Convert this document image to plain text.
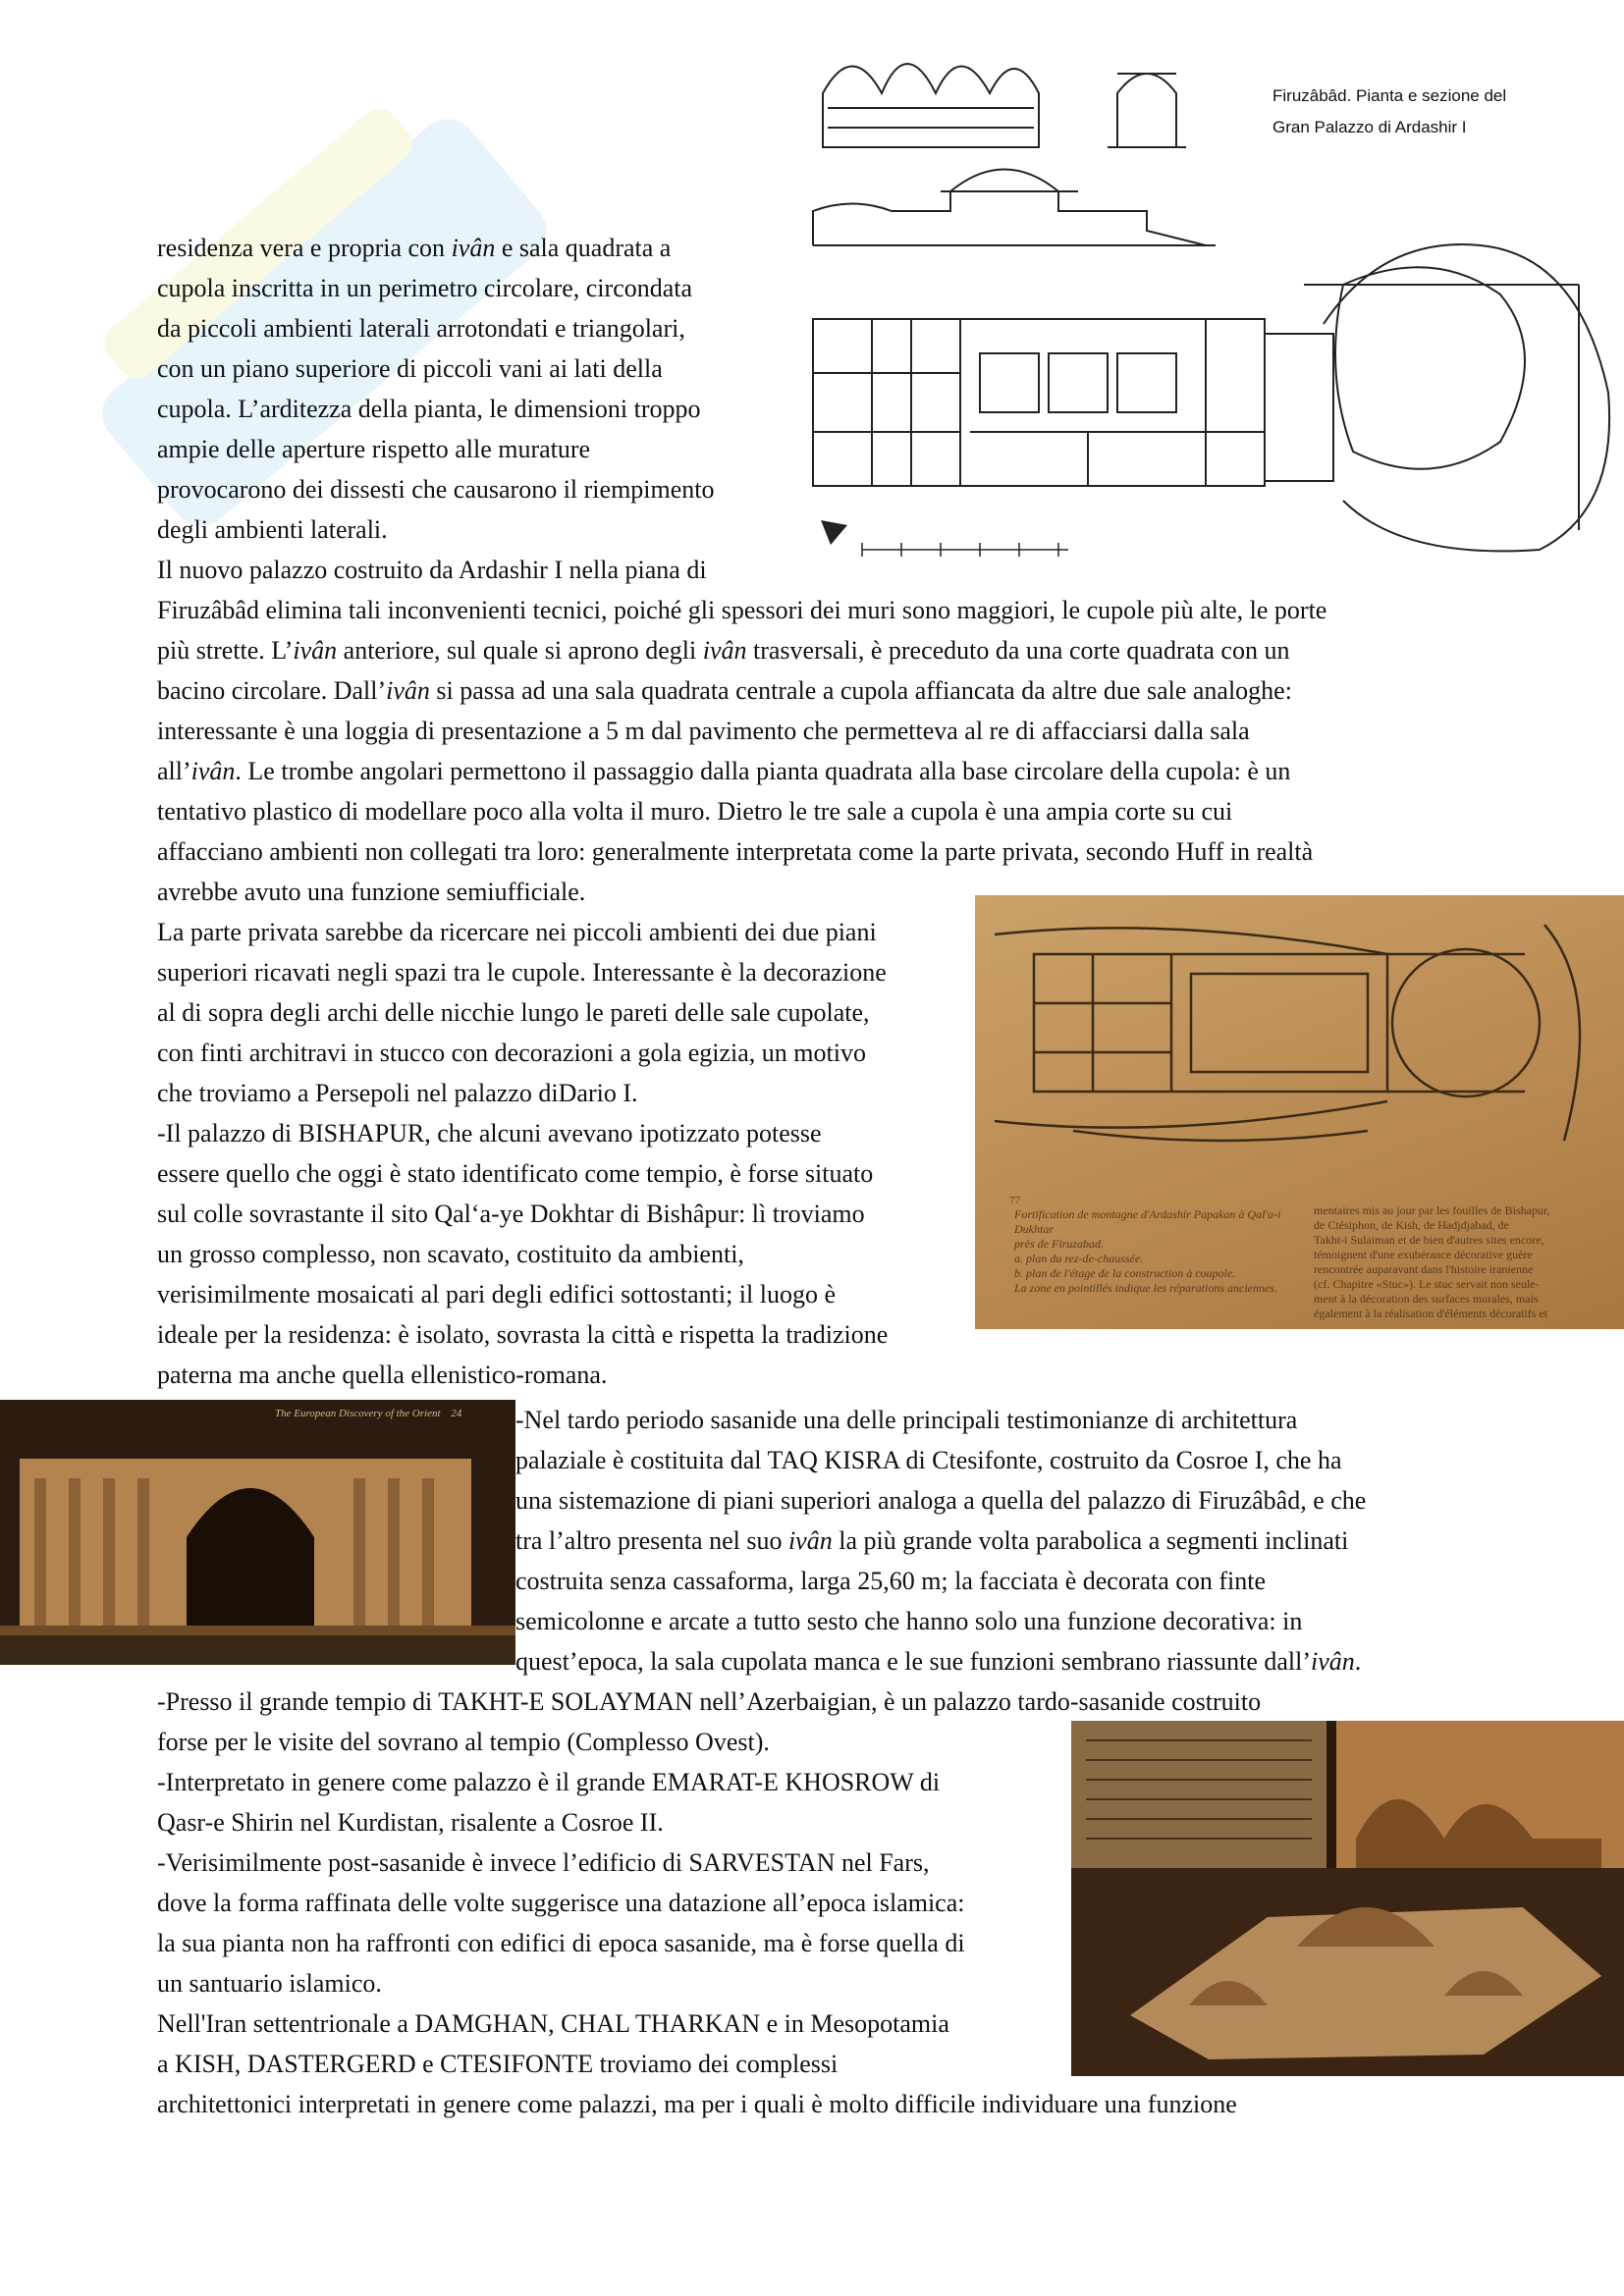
Firuzâbâd. Pianta e sezione del
Gran Palazzo di Ardashir I
residenza vera e propria con ivân e sala quadrata a
cupola inscritta in un perimetro circolare, circondata
da piccoli ambienti laterali arrotondati e triangolari,
con un piano superiore di piccoli vani ai lati della
cupola. L’arditezza della pianta, le dimensioni troppo
ampie delle aperture rispetto alle murature
provocarono dei dissesti che causarono il riempimento
degli ambienti laterali.
Il nuovo palazzo costruito da Ardashir I nella piana di
Firuzâbâd elimina tali inconvenienti tecnici, poiché gli spessori dei muri sono maggiori, le cupole più alte, le porte
più strette. L’ivân anteriore, sul quale si aprono degli ivân trasversali, è preceduto da una corte quadrata con un
bacino circolare. Dall’ivân si passa ad una sala quadrata centrale a cupola affiancata da altre due sale analoghe:
interessante è una loggia di presentazione a 5 m dal pavimento che permetteva al re di affacciarsi dalla sala
all’ivân. Le trombe angolari permettono il passaggio dalla pianta quadrata alla base circolare della cupola: è un
tentativo plastico di modellare poco alla volta il muro. Dietro le tre sale a cupola è una ampia corte su cui
affacciano ambienti non collegati tra loro: generalmente interpretata come la parte privata, secondo Huff in realtà
avrebbe avuto una funzione semiufficiale.
77
Fortification de montagne d'Ardashir Papakan à Qal'a-i Dukhtar
près de Firuzabad.
a. plan du rez-de-chaussée.
b. plan de l'étage de la construction à coupole.
La zone en pointillés indique les réparations anciennes.
mentaires mis au jour par les fouilles de Bishapur,
de Ctésiphon, de Kish, de Hadjdjabad, de
Takht-i Sulaiman et de bien d'autres sites encore,
témoignent d'une exubérance décorative guère
rencontrée auparavant dans l'histoire iranienne
(cf. Chapitre «Stuc»). Le stuc servait non seule-
ment à la décoration des surfaces murales, mais
également à la réalisation d'éléments décoratifs et
La parte privata sarebbe da ricercare nei piccoli ambienti dei due piani
superiori ricavati negli spazi tra le cupole. Interessante è la decorazione
al di sopra degli archi delle nicchie lungo le pareti delle sale cupolate,
con finti architravi in stucco con decorazioni a gola egizia, un motivo
che troviamo a Persepoli nel palazzo diDario I.
-Il palazzo di BISHAPUR, che alcuni avevano ipotizzato potesse
essere quello che oggi è stato identificato come tempio, è forse situato
sul colle sovrastante il sito Qal‘a-ye Dokhtar di Bishâpur: lì troviamo
un grosso complesso, non scavato, costituito da ambienti,
verisimilmente mosaicati al pari degli edifici sottostanti; il luogo è
ideale per la residenza: è isolato, sovrasta la città e rispetta la tradizione
paterna ma anche quella ellenistico-romana.
The European Discovery of the Orient 24 -Nel tardo periodo sasanide una delle principali testimonianze di architettura
palaziale è costituita dal TAQ KISRA di Ctesifonte, costruito da Cosroe I, che ha
una sistemazione di piani superiori analoga a quella del palazzo di Firuzâbâd, e che
tra l’altro presenta nel suo ivân la più grande volta parabolica a segmenti inclinati
costruita senza cassaforma, larga 25,60 m; la facciata è decorata con finte
semicolonne e arcate a tutto sesto che hanno solo una funzione decorativa: in
quest’epoca, la sala cupolata manca e le sue funzioni sembrano riassunte dall’ivân.
-Presso il grande tempio di TAKHT-E SOLAYMAN nell’Azerbaigian, è un palazzo tardo-sasanide costruito
forse per le visite del sovrano al tempio (Complesso Ovest).
-Interpretato in genere come palazzo è il grande EMARAT-E KHOSROW di
Qasr-e Shirin nel Kurdistan, risalente a Cosroe II.
-Verisimilmente post-sasanide è invece l’edificio di SARVESTAN nel Fars,
dove la forma raffinata delle volte suggerisce una datazione all’epoca islamica:
la sua pianta non ha raffronti con edifici di epoca sasanide, ma è forse quella di
un santuario islamico.
Nell'Iran settentrionale a DAMGHAN, CHAL THARKAN e in Mesopotamia
a KISH, DASTERGERD e CTESIFONTE troviamo dei complessi
architettonici interpretati in genere come palazzi, ma per i quali è molto difficile individuare una funzione
